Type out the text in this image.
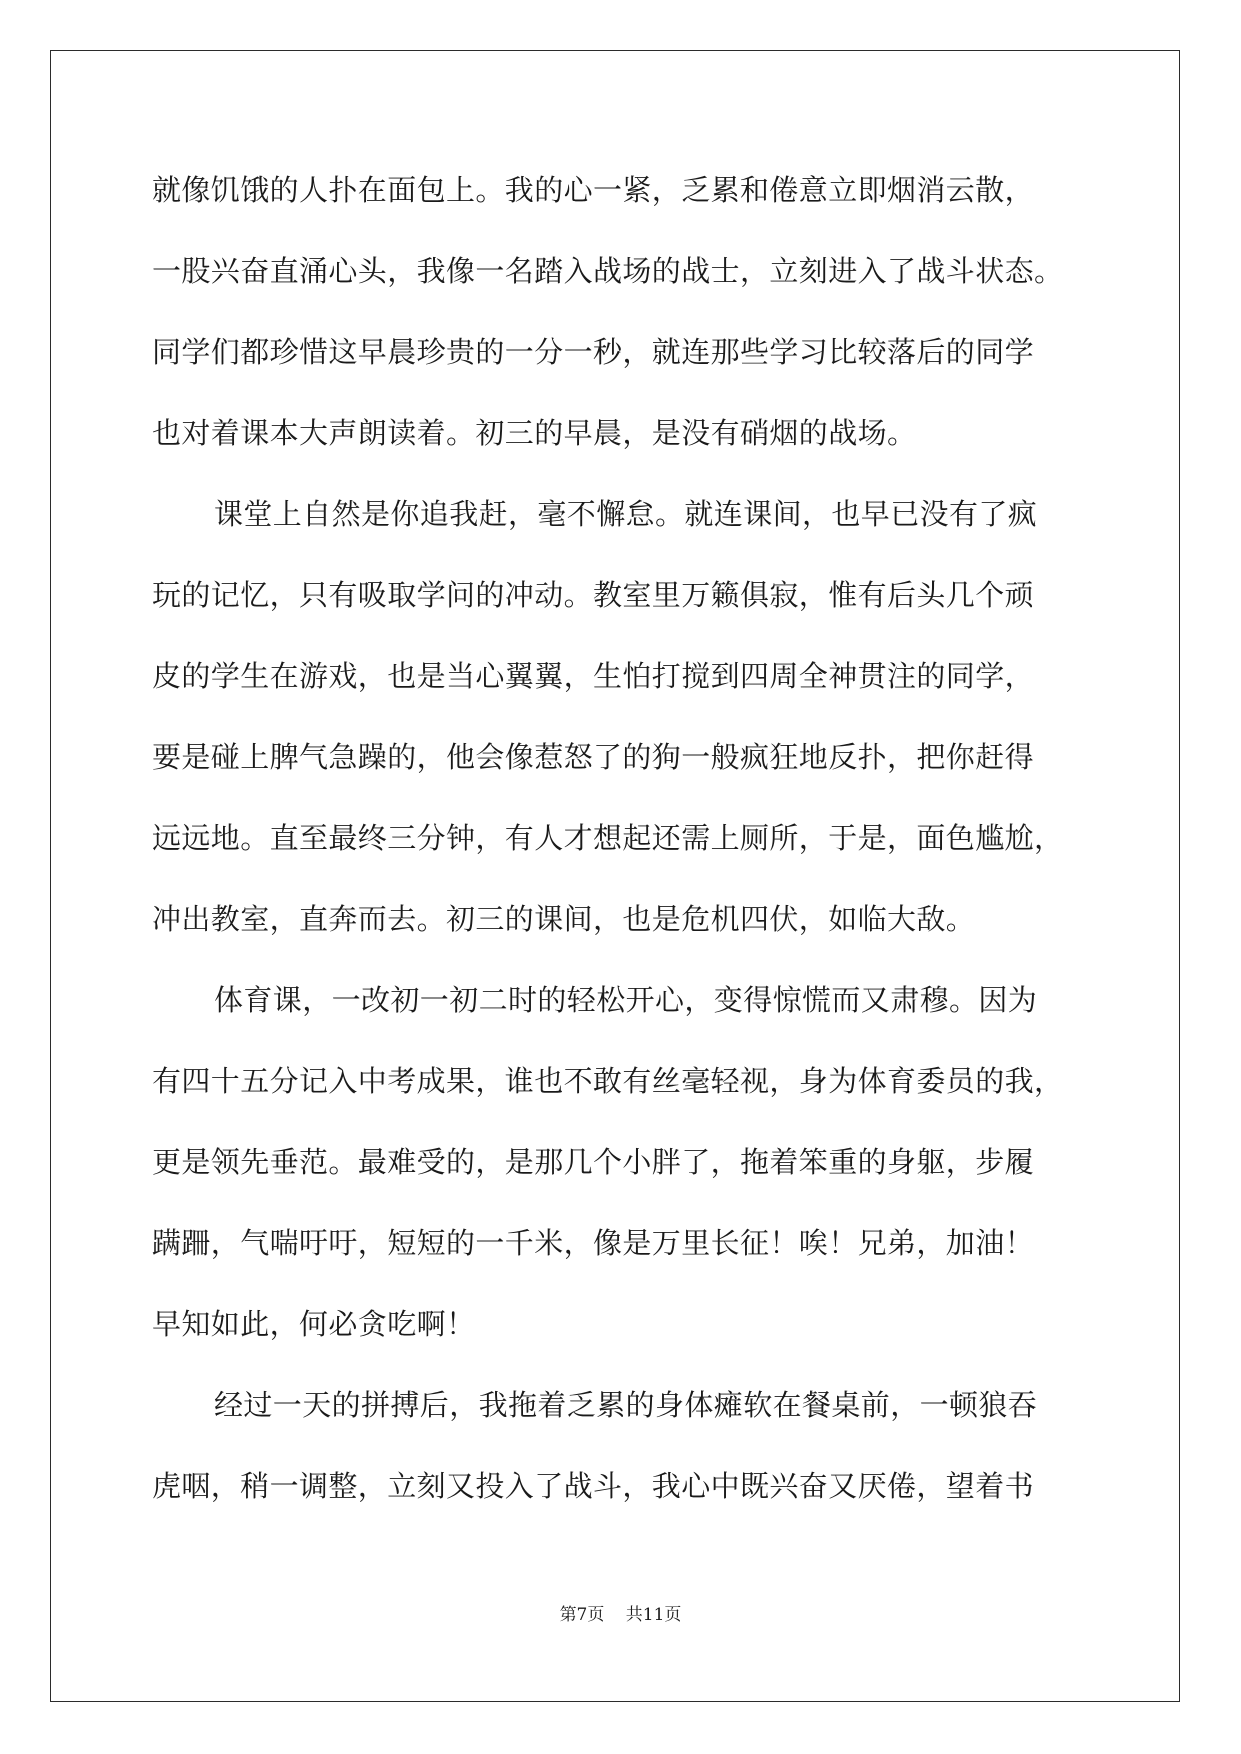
就像饥饿的人扑在面包上。我的心一紧，乏累和倦意立即烟消云散，
一股兴奋直涌心头，我像一名踏入战场的战士，立刻进入了战斗状态。
同学们都珍惜这早晨珍贵的一分一秒，就连那些学习比较落后的同学
也对着课本大声朗读着。初三的早晨，是没有硝烟的战场。
课堂上自然是你追我赶，毫不懈怠。就连课间，也早已没有了疯
玩的记忆，只有吸取学问的冲动。教室里万籁俱寂，惟有后头几个顽
皮的学生在游戏，也是当心翼翼，生怕打搅到四周全神贯注的同学，
要是碰上脾气急躁的，他会像惹怒了的狗一般疯狂地反扑，把你赶得
远远地。直至最终三分钟，有人才想起还需上厕所，于是，面色尴尬，
冲出教室，直奔而去。初三的课间，也是危机四伏，如临大敌。
体育课，一改初一初二时的轻松开心，变得惊慌而又肃穆。因为
有四十五分记入中考成果，谁也不敢有丝毫轻视，身为体育委员的我，
更是领先垂范。最难受的，是那几个小胖了，拖着笨重的身躯，步履
蹒跚，气喘吁吁，短短的一千米，像是万里长征！唉！兄弟，加油！
早知如此，何必贪吃啊！
经过一天的拼搏后，我拖着乏累的身体瘫软在餐桌前，一顿狼吞
虎咽，稍一调整，立刻又投入了战斗，我心中既兴奋又厌倦，望着书
第7页 共11页
